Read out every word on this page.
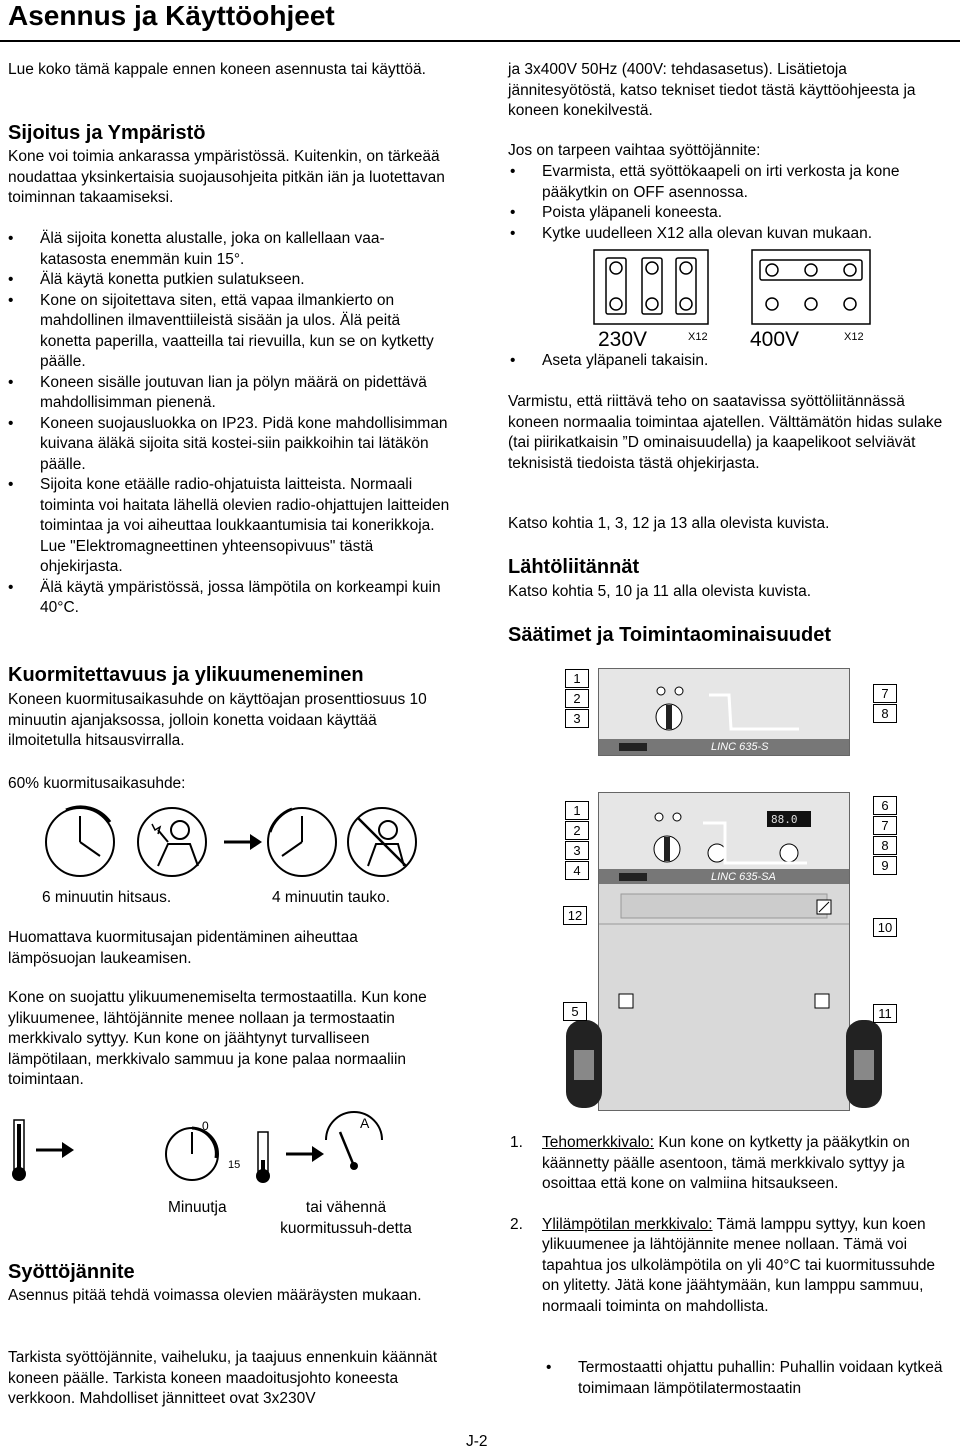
Asennus ja Käyttöohjeet
Lue koko tämä kappale ennen koneen asennusta tai käyttöä.
Sijoitus ja Ympäristö
Kone voi toimia ankarassa ympäristössä. Kuitenkin, on tärkeää noudattaa yksinkertaisia suojausohjeita pitkän iän ja luotettavan toiminnan takaamiseksi.
• Älä sijoita konetta alustalle, joka on kallellaan vaa-katasosta enemmän kuin 15°.
• Älä käytä konetta putkien sulatukseen.
• Kone on sijoitettava siten, että vapaa ilmankierto on mahdollinen ilmaventtiileistä sisään ja ulos. Älä peitä konetta paperilla, vaatteilla tai rievuilla, kun se on kytketty päälle.
• Koneen sisälle joutuvan lian ja pölyn määrä on pidettävä mahdollisimman pienenä.
• Koneen suojausluokka on IP23. Pidä kone mahdollisimman kuivana äläkä sijoita sitä kostei-siin paikkoihin tai lätäkön päälle.
• Sijoita kone etäälle radio-ohjatuista laitteista. Normaali toiminta voi haitata lähellä olevien radio-ohjattujen laitteiden toimintaa ja voi aiheuttaa loukkaantumisia tai konerikkoja. Lue "Elektromagneettinen yhteensopivuus" tästä ohjekirjasta.
• Älä käytä ympäristössä, jossa lämpötila on korkeampi kuin 40°C.
Kuormitettavuus ja ylikuumeneminen
Koneen kuormitusaikasuhde on käyttöajan prosenttiosuus 10 minuutin ajanjaksossa, jolloin konetta voidaan käyttää ilmoitetulla hitsausvirralla.
60% kuormitusaikasuhde:
6 minuutin hitsaus.	4 minuutin tauko.
Huomattava kuormitusajan pidentäminen aiheuttaa lämpösuojan laukeamisen.
Kone on suojattu ylikuumenemiselta termostaatilla. Kun kone ylikuumenee, lähtöjännite menee nollaan ja termostaatin merkkivalo syttyy. Kun kone on jäähtynyt turvalliseen lämpötilaan, merkkivalo sammuu ja kone palaa normaaliin toimintaan.
0
15
A
Minuutja	tai vähennä kuormitussuh-detta
Syöttöjännite
Asennus pitää tehdä voimassa olevien määräysten mukaan.
Tarkista syöttöjännite, vaiheluku, ja taajuus ennenkuin käännät koneen päälle. Tarkista koneen maadoitusjohto koneesta verkkoon. Mahdolliset jännitteet ovat 3x230V
ja 3x400V 50Hz (400V: tehdasasetus). Lisätietoja jännitesyötöstä, katso tekniset tiedot tästä käyttöohjeesta ja koneen konekilvestä.
Jos on tarpeen vaihtaa syöttöjännite:
• Evarmista, että syöttökaapeli on irti verkosta ja kone pääkytkin on OFF asennossa.
• Poista yläpaneli koneesta.
• Kytke uudelleen X12 alla olevan kuvan mukaan.
230V	X12 400V	X12
• Aseta yläpaneli takaisin.
Varmistu, että riittävä teho on saatavissa syöttöliitännässä koneen normaalia toimintaa ajatellen. Välttämätön hidas sulake (tai piirikatkaisin ”D ominaisuudella) ja kaapelikoot selviävät teknisistä tiedoista tästä ohjekirjasta.
Katso kohtia 1, 3, 12 ja 13 alla olevista kuvista.
Lähtöliitännät
Katso kohtia 5, 10 ja 11 alla olevista kuvista.
Säätimet ja Toimintaominaisuudet
LINC 635-S
1
2
3
7
8
88.0
LINC 635-SA
1
2
3
4
6
7
8
9
12
10
5	11
1. Tehomerkkivalo: Kun kone on kytketty ja pääkytkin on käännetty päälle asentoon, tämä merkkivalo syttyy ja osoittaa että kone on valmiina hitsaukseen.
2. Ylilämpötilan merkkivalo: Tämä lamppu syttyy, kun koen ylikuumenee ja lähtöjännite menee nollaan. Tämä voi tapahtua jos ulkolämpötila on yli 40°C tai kuormitussuhde on ylitetty. Jätä kone jäähtymään, kun lamppu sammuu, normaali toiminta on mahdollista.
• Termostaatti ohjattu puhallin: Puhallin voidaan kytkeä toimimaan lämpötilatermostaatin
J-2
